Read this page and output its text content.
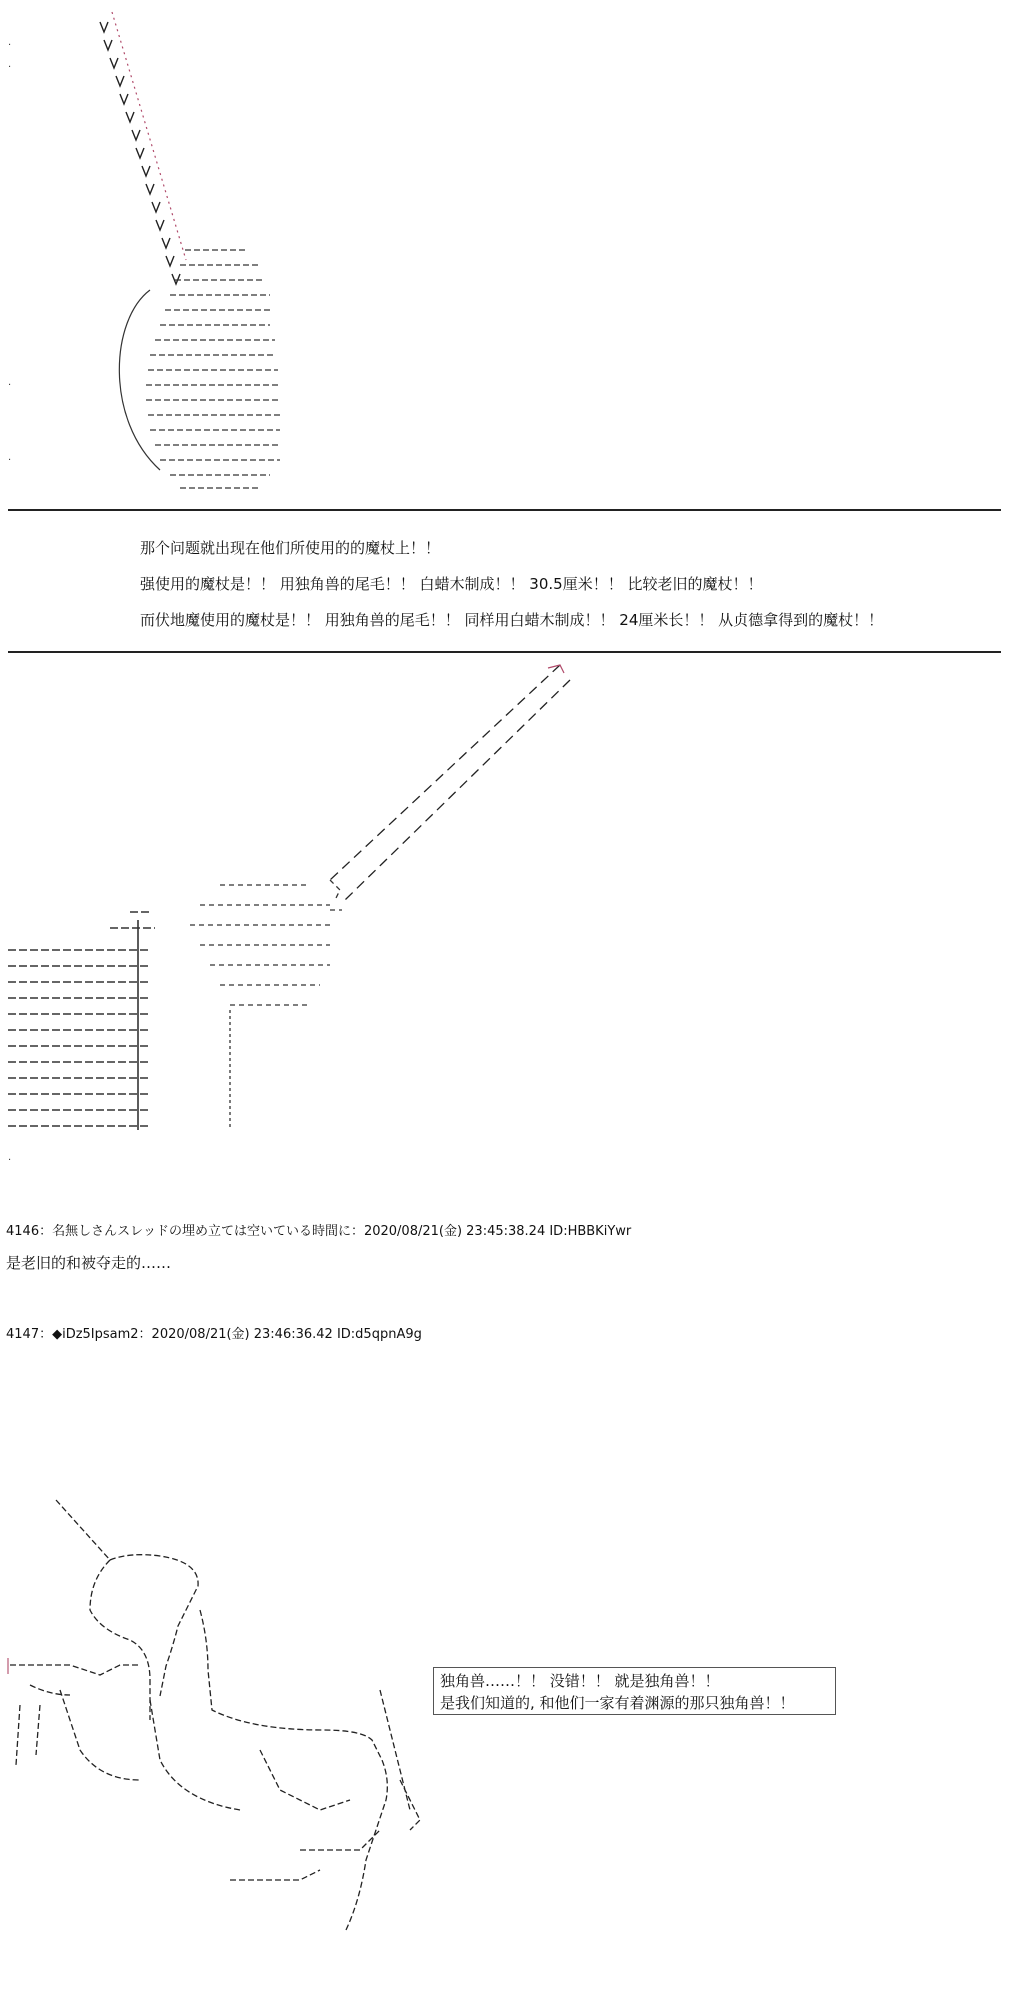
·
·
·
·
·
那个问题就出现在他们所使用的的魔杖上！！
强使用的魔杖是！！ 用独角兽的尾毛！！ 白蜡木制成！！ 30.5厘米！！ 比较老旧的魔杖！！
而伏地魔使用的魔杖是！！ 用独角兽的尾毛！！ 同样用白蜡木制成！！ 24厘米长！！ 从贞德拿得到的魔杖！！
4146：名無しさんスレッドの埋め立ては空いている時間に：2020/08/21(金) 23:45:38.24 ID:HBBKiYwr
是老旧的和被夺走的……
4147：◆iDz5Ipsam2：2020/08/21(金) 23:46:36.42 ID:d5qpnA9g
独角兽……！！ 没错！！ 就是独角兽！！
是我们知道的, 和他们一家有着渊源的那只独角兽！！
